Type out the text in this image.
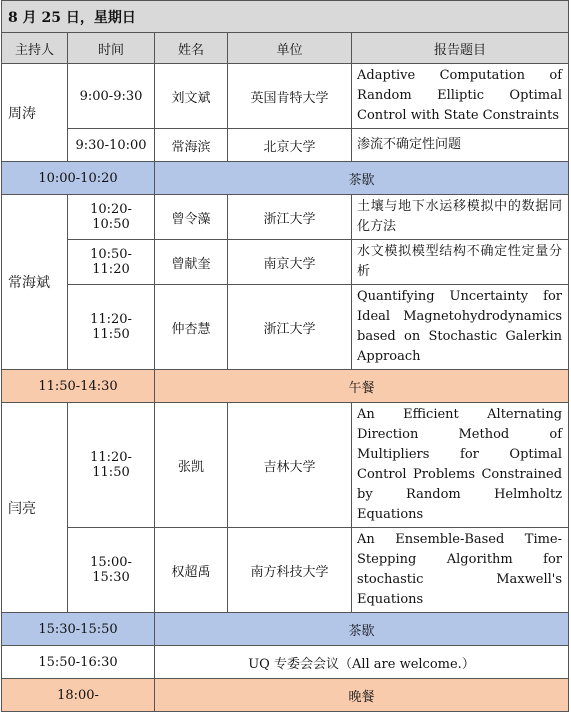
8 月 25 日，星期日				
主持人	时间	姓名	单位	报告题目
周涛	9:00-9:30	刘文斌	英国肯特大学	Adaptive Computation of Random Elliptic Optimal Control with State Constraints
	9:30-10:00	常海滨	北京大学	渗流不确定性问题
10:00-10:20		茶歇		
常海斌	10:20-10:50	曾令藻	浙江大学	土壤与地下水运移模拟中的数据同化方法
	10:50-11:20	曾献奎	南京大学	水文模拟模型结构不确定性定量分析
	11:20-11:50	仲杏慧	浙江大学	Quantifying Uncertainty for Ideal Magnetohydrodynamics based on Stochastic Galerkin Approach
11:50-14:30		午餐		
闫亮	11:20-11:50	张凯	吉林大学	An Efficient Alternating Direction Method of Multipliers for Optimal Control Problems Constrained by Random Helmholtz Equations
	15:00-15:30	权超禹	南方科技大学	An Ensemble-Based Time-Stepping Algorithm for stochastic Maxwell's Equations
15:30-15:50		茶歇		
15:50-16:30		UQ 专委会会议（All are welcome.）		
18:00-		晚餐		
